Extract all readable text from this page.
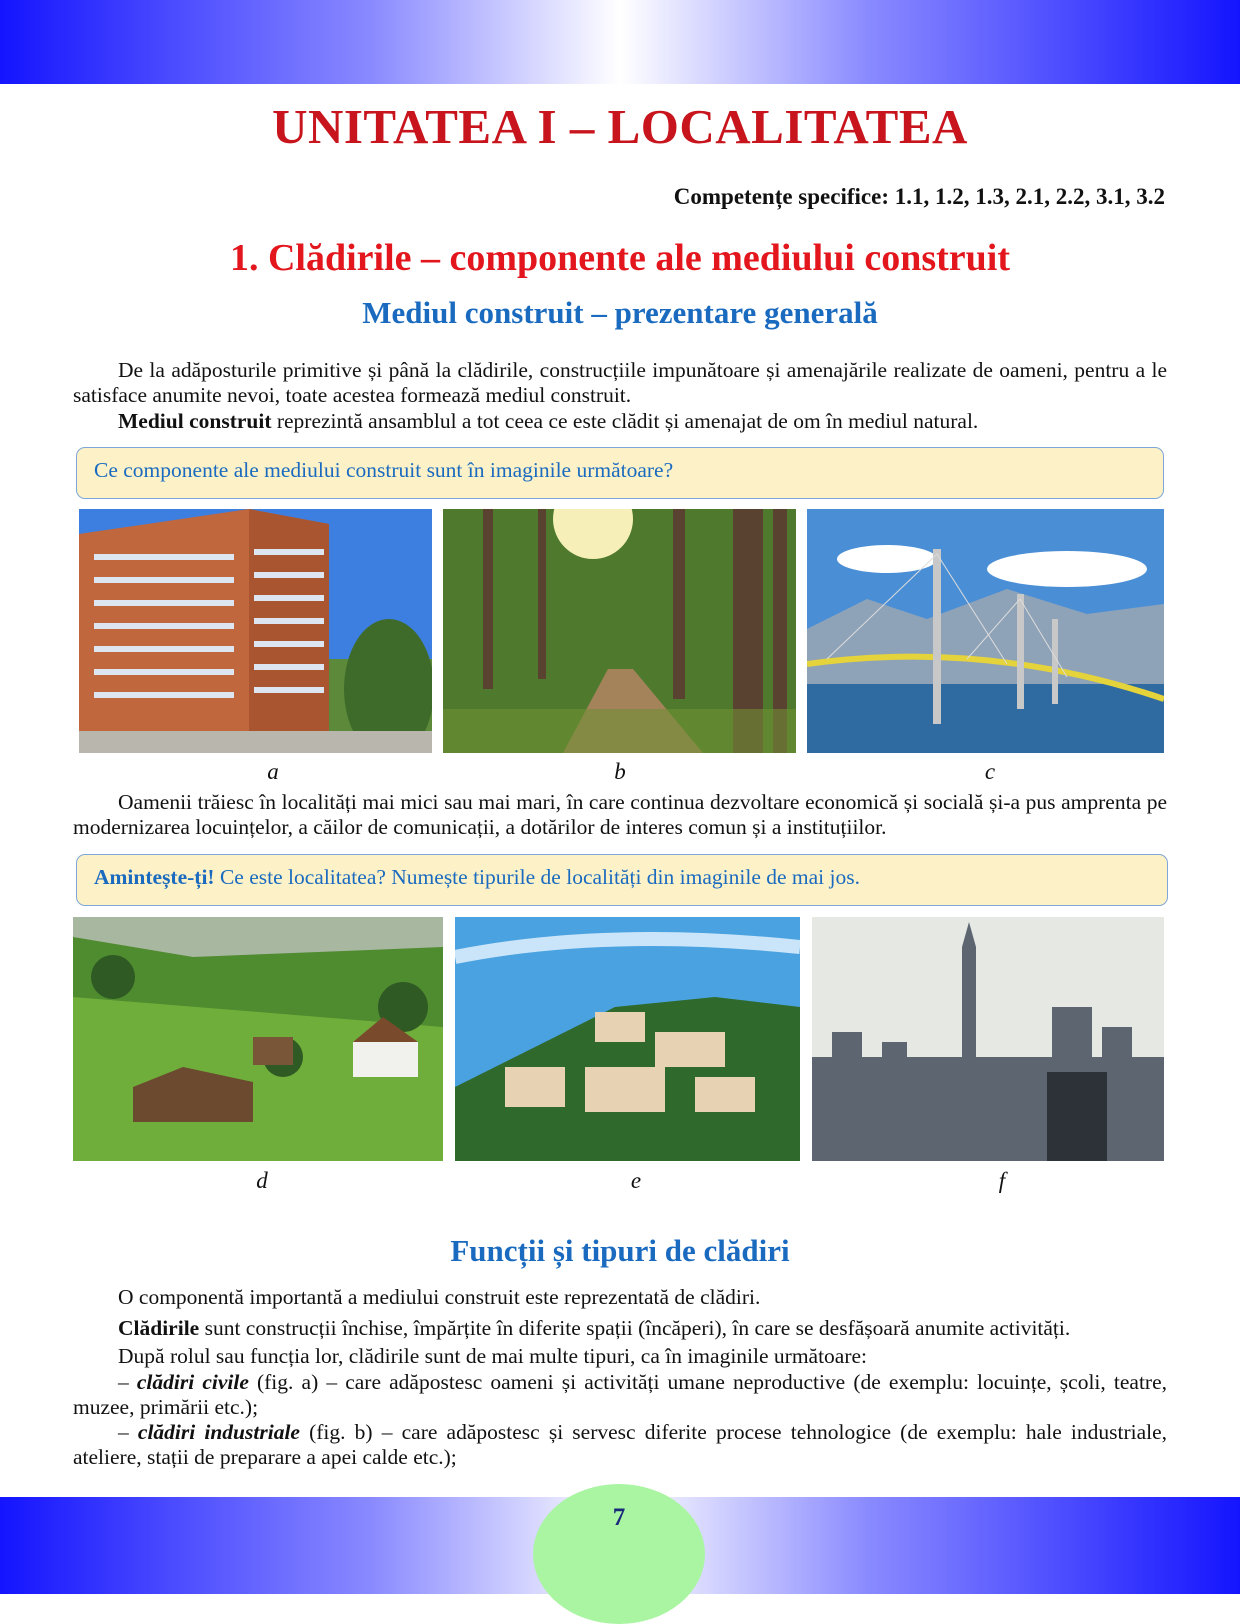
UNITATEA I – LOCALITATEA

Competențe specifice: 1.1, 1.2, 1.3, 2.1, 2.2, 3.1, 3.2

1. Clădirile – componente ale mediului construit
Mediul construit – prezentare generală

De la adăposturile primitive și până la clădirile, construcțiile impunătoare și amenajările realizate de oameni, pentru a le satisface anumite nevoi, toate acestea formează mediul construit.

Mediul construit reprezintă ansamblul a tot ceea ce este clădit și amenajat de om în mediul natural.

Ce componente ale mediului construit sunt în imaginile următoare?
a	b	c

Oamenii trăiesc în localități mai mici sau mai mari, în care continua dezvoltare economică și socială și-a pus amprenta pe modernizarea locuințelor, a căilor de comunicații, a dotărilor de interes comun și a instituțiilor.

Amintește-ți! Ce este localitatea? Numește tipurile de localități din imaginile de mai jos.
d	e	f
Funcții și tipuri de clădiri

O componentă importantă a mediului construit este reprezentată de clădiri.

Clădirile sunt construcții închise, împărțite în diferite spații (încăperi), în care se desfășoară anumite activități.

După rolul sau funcția lor, clădirile sunt de mai multe tipuri, ca în imaginile următoare:

– clădiri civile (fig. a) – care adăpostesc oameni și activități umane neproductive (de exemplu: locuințe, școli, teatre, muzee, primării etc.);

– clădiri industriale (fig. b) – care adăpostesc și servesc diferite procese tehnologice (de exemplu: hale industriale, ateliere, stații de preparare a apei calde etc.);

7
